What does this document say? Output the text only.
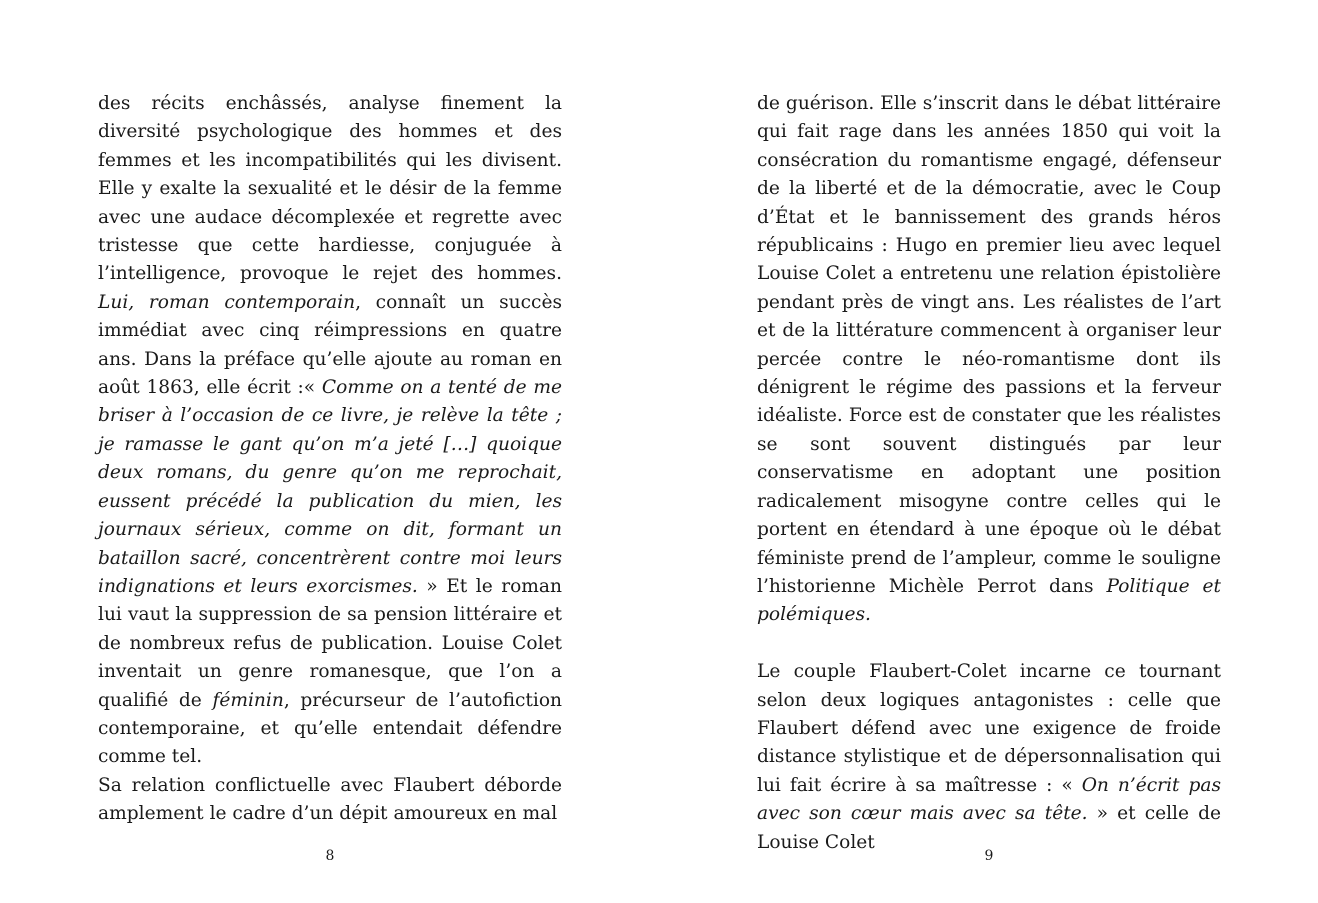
des récits enchâssés, analyse finement la diversité psychologique des hommes et des femmes et les incompatibilités qui les divisent. Elle y exalte la sexualité et le désir de la femme avec une audace décomplexée et regrette avec tristesse que cette hardiesse, conjuguée à l’intelligence, provoque le rejet des hommes. Lui, roman contemporain, connaît un succès immédiat avec cinq réimpressions en quatre ans. Dans la préface qu’elle ajoute au roman en août 1863, elle écrit :« Comme on a tenté de me briser à l’occasion de ce livre, je relève la tête ; je ramasse le gant qu’on m’a jeté […] quoique deux romans, du genre qu’on me reprochait, eussent précédé la publication du mien, les journaux sérieux, comme on dit, formant un bataillon sacré, concentrèrent contre moi leurs indignations et leurs exorcismes. » Et le roman lui vaut la suppression de sa pension littéraire et de nombreux refus de publication. Louise Colet inventait un genre romanesque, que l’on a qualifié de féminin, précurseur de l’autofiction contemporaine, et qu’elle entendait défendre comme tel.

Sa relation conflictuelle avec Flaubert déborde amplement le cadre d’un dépit amoureux en mal

8

de guérison. Elle s’inscrit dans le débat littéraire qui fait rage dans les années 1850 qui voit la consécration du romantisme engagé, défenseur de la liberté et de la démocratie, avec le Coup d’État et le bannissement des grands héros républicains : Hugo en premier lieu avec lequel Louise Colet a entretenu une relation épistolière pendant près de vingt ans. Les réalistes de l’art et de la littérature commencent à organiser leur percée contre le néo-romantisme dont ils dénigrent le régime des passions et la ferveur idéaliste. Force est de constater que les réalistes se sont souvent distingués par leur conservatisme en adoptant une position radicalement misogyne contre celles qui le portent en étendard à une époque où le débat féministe prend de l’ampleur, comme le souligne l’historienne Michèle Perrot dans Politique et polémiques.

Le couple Flaubert-Colet incarne ce tournant selon deux logiques antagonistes : celle que Flaubert défend avec une exigence de froide distance stylistique et de dépersonnalisation qui lui fait écrire à sa maîtresse : « On n’écrit pas avec son cœur mais avec sa tête. » et celle de Louise Colet

9
